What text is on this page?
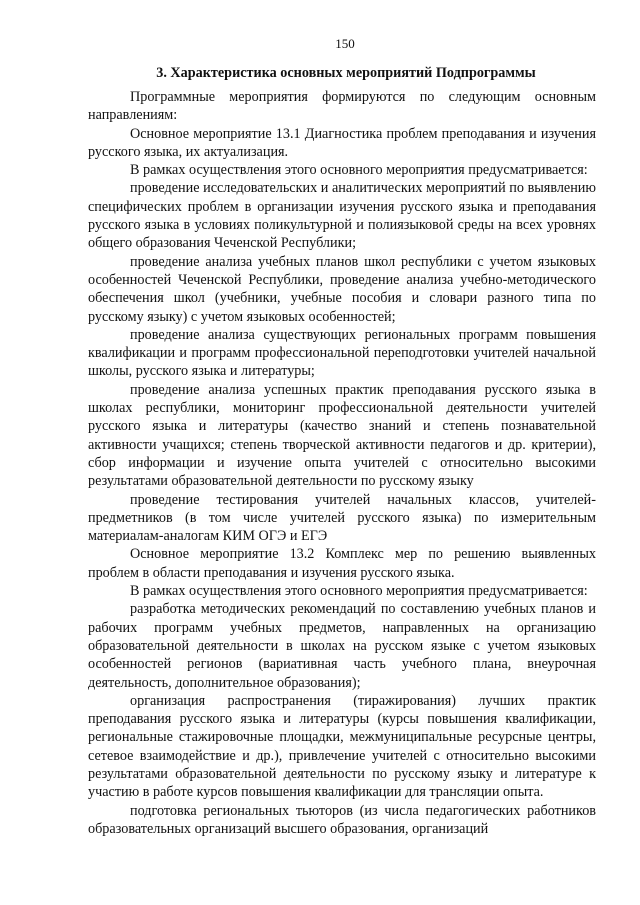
150
3. Характеристика основных мероприятий Подпрограммы

Программные мероприятия формируются по следующим основным направлениям:

Основное мероприятие 13.1 Диагностика проблем преподавания и изучения русского языка, их актуализация.

В рамках осуществления этого основного мероприятия предусматривается:

проведение исследовательских и аналитических мероприятий по выявлению специфических проблем в организации изучения русского языка и преподавания русского языка в условиях поликультурной и полиязыковой среды на всех уровнях общего образования Чеченской Республики;

проведение анализа учебных планов школ республики с учетом языковых особенностей Чеченской Республики, проведение анализа учебно-методического обеспечения школ (учебники, учебные пособия и словари разного типа по русскому языку) с учетом языковых особенностей;

проведение анализа существующих региональных программ повышения квалификации и программ профессиональной переподготовки учителей начальной школы, русского языка и литературы;

проведение анализа успешных практик преподавания русского языка в школах республики, мониторинг профессиональной деятельности учителей русского языка и литературы (качество знаний и степень познавательной активности учащихся; степень творческой активности педагогов и др. критерии), сбор информации и изучение опыта учителей с относительно высокими результатами образовательной деятельности по русскому языку

проведение тестирования учителей начальных классов, учителей-предметников (в том числе учителей русского языка) по измерительным материалам-аналогам КИМ ОГЭ и ЕГЭ

Основное мероприятие 13.2 Комплекс мер по решению выявленных проблем в области преподавания и изучения русского языка.

В рамках осуществления этого основного мероприятия предусматривается:

разработка методических рекомендаций по составлению учебных планов и рабочих программ учебных предметов, направленных на организацию образовательной деятельности в школах на русском языке с учетом языковых особенностей регионов (вариативная часть учебного плана, внеурочная деятельность, дополнительное образования);

организация распространения (тиражирования) лучших практик преподавания русского языка и литературы (курсы повышения квалификации, региональные стажировочные площадки, межмуниципальные ресурсные центры, сетевое взаимодействие и др.), привлечение учителей с относительно высокими результатами образовательной деятельности по русскому языку и литературе к участию в работе курсов повышения квалификации для трансляции опыта.

подготовка региональных тьюторов (из числа педагогических работников образовательных организаций высшего образования, организаций
